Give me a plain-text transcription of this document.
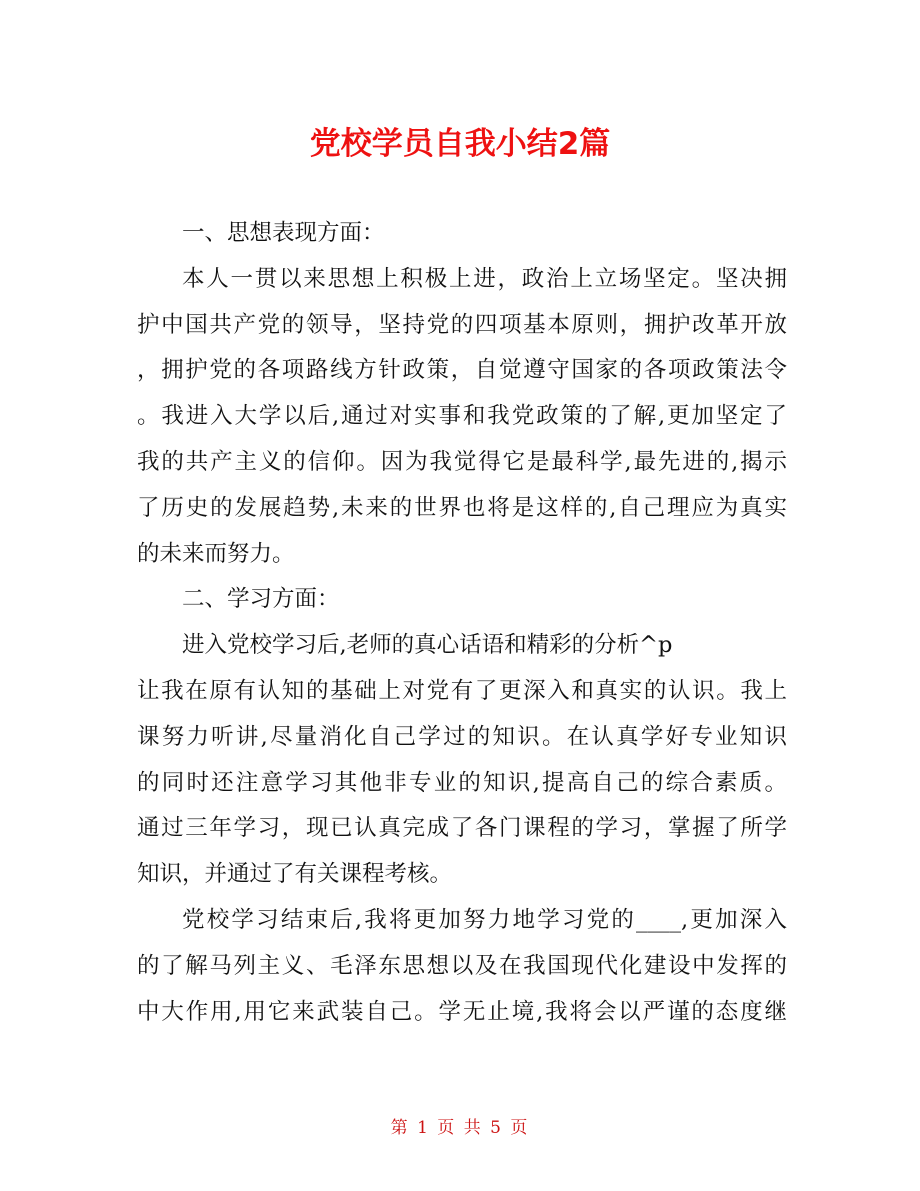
党校学员自我小结2篇
一、思想表现方面：
本人一贯以来思想上积极上进，政治上立场坚定。坚决拥
护中国共产党的领导，坚持党的四项基本原则，拥护改革开放
，拥护党的各项路线方针政策，自觉遵守国家的各项政策法令
。我进入大学以后,通过对实事和我党政策的了解,更加坚定了
我的共产主义的信仰。因为我觉得它是最科学,最先进的,揭示
了历史的发展趋势,未来的世界也将是这样的,自己理应为真实
的未来而努力。
二、学习方面：
进入党校学习后,老师的真心话语和精彩的分析^p
让我在原有认知的基础上对党有了更深入和真实的认识。我上
课努力听讲,尽量消化自己学过的知识。在认真学好专业知识
的同时还注意学习其他非专业的知识,提高自己的综合素质。
通过三年学习，现已认真完成了各门课程的学习，掌握了所学
知识，并通过了有关课程考核。
党校学习结束后,我将更加努力地学习党的____,更加深入
的了解马列主义、毛泽东思想以及在我国现代化建设中发挥的
中大作用,用它来武装自己。学无止境,我将会以严谨的态度继
第 1 页 共 5 页
